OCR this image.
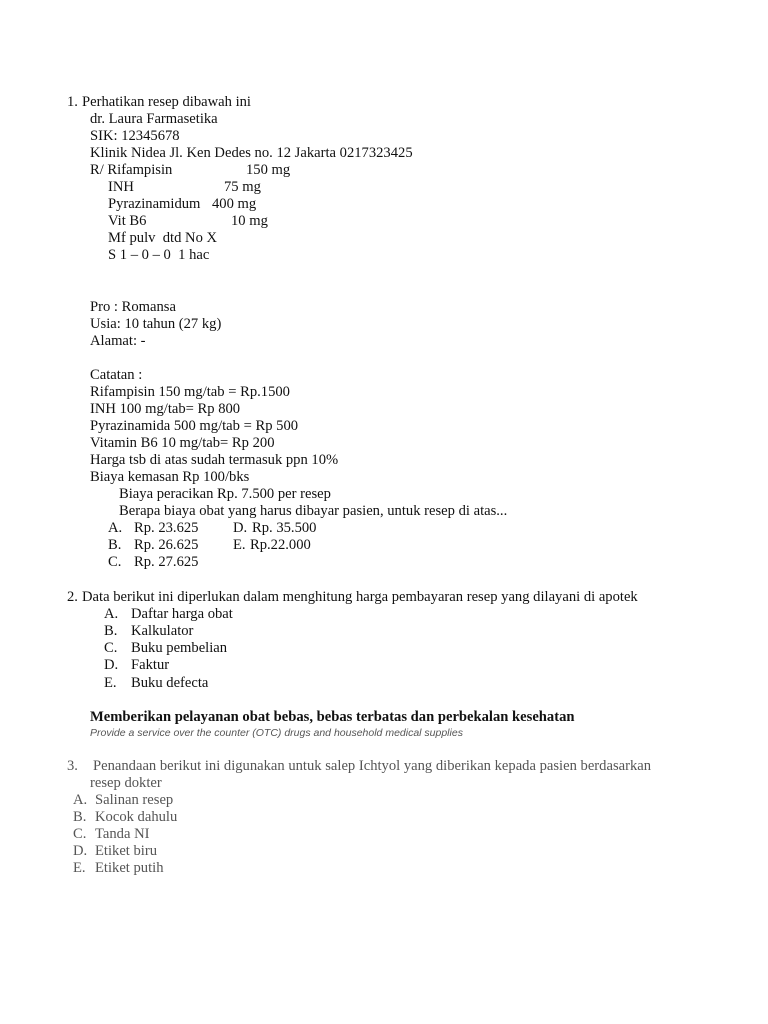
1. Perhatikan resep dibawah ini
dr. Laura Farmasetika
SIK: 12345678
Klinik Nidea Jl. Ken Dedes no. 12 Jakarta 0217323425
R/ Rifampisin	150 mg
INH	75 mg
Pyrazinamidum 400 mg
Vit B6	10 mg
Mf pulv  dtd No X
S 1 – 0 – 0  1 hac
Pro : Romansa
Usia: 10 tahun (27 kg)
Alamat: -
Catatan :
Rifampisin 150 mg/tab = Rp.1500
INH 100 mg/tab= Rp 800
Pyrazinamida 500 mg/tab = Rp 500
Vitamin B6 10 mg/tab= Rp 200
Harga tsb di atas sudah termasuk ppn 10%
Biaya kemasan Rp 100/bks
Biaya peracikan Rp. 7.500 per resep
Berapa biaya obat yang harus dibayar pasien, untuk resep di atas...
A. Rp. 23.625 D. Rp. 35.500
B. Rp. 26.625 E. Rp.22.000
C. Rp. 27.625
2. Data berikut ini diperlukan dalam menghitung harga pembayaran resep yang dilayani di apotek
A. Daftar harga obat
B. Kalkulator
C. Buku pembelian
D. Faktur
E. Buku defecta
Memberikan pelayanan obat bebas, bebas terbatas dan perbekalan kesehatan
Provide a service over the counter (OTC) drugs and household medical supplies
3. Penandaan berikut ini digunakan untuk salep Ichtyol yang diberikan kepada pasien berdasarkan
resep dokter
A. Salinan resep
B. Kocok dahulu
C. Tanda NI
D. Etiket biru
E. Etiket putih
